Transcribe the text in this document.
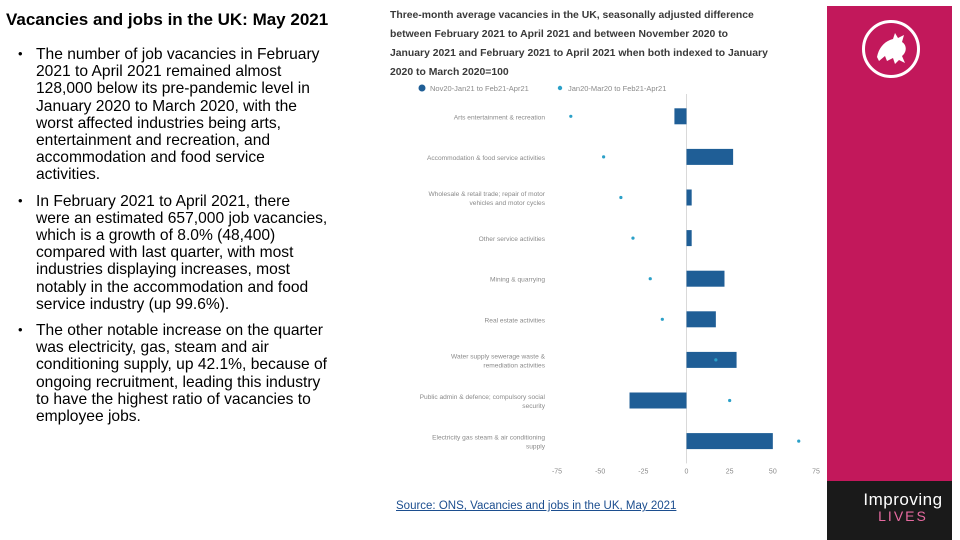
Vacancies and jobs in the UK: May 2021
• The number of job vacancies in February 2021 to April 2021 remained almost 128,000 below its pre-pandemic level in January 2020 to March 2020, with the worst affected industries being arts, entertainment and recreation, and accommodation and food service activities.
• In February 2021 to April 2021, there were an estimated 657,000 job vacancies, which is a growth of 8.0% (48,400) compared with last quarter, with most industries displaying increases, most notably in the accommodation and food service industry (up 99.6%).
• The other notable increase on the quarter was electricity, gas, steam and air conditioning supply, up 42.1%, because of ongoing recruitment, leading this industry to have the highest ratio of vacancies to employee jobs.
Three-month average vacancies in the UK, seasonally adjusted difference between February 2021 to April 2021 and between November 2020 to January 2021 and February 2021 to April 2021 when both indexed to January 2020 to March 2020=100
Nov20-Jan21 to Feb21-Apr21	Jan20-Mar20 to Feb21-Apr21
Arts entertainment & recreation
Accommodation & food service activities
Wholesale & retail trade; repair of motor
vehicles and motor cycles
Other service activities
Mining & quarrying
Real estate activities
Water supply sewerage waste &
remediation activities
Public admin & defence; compulsory social
security
Electricity gas steam & air conditioning
supply
-75	-50	-25	0	25	50	75
Source: ONS, Vacancies and jobs in the UK, May 2021	Improving
LIVES
